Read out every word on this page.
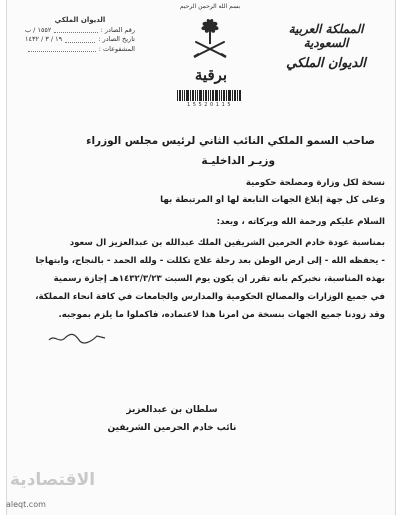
بسم الله الرحمن الرحيم
برقية
1 5 5 2 0 1 1 5
المملكة العربية السعودية
الديوان الملكي
الديوان الملكي
رقم الصادر :
١٥٥٢ / ب
تاريخ الصادر :
١٩ / ٣ / ١٤٣٢
المشفوعات :
صاحب السمو الملكي النائب الثاني لرئيس مجلس الوزراء
وزيـر الداخليـة
نسخة لكل وزارة ومصلحة حكومية
وعلى كل جهة إبلاغ الجهات التابعة لها أو المرتبطة بها
السلام عليكم ورحمة الله وبركاته ، وبعد:
بمناسبة عودة خادم الحرمين الشريفين الملك عبدالله بن عبدالعزيز آل سعود
- يحفظه الله - إلى أرض الوطن بعد رحلة علاج تكللت - ولله الحمد - بالنجاح، وابتهاجاً
بهذه المناسبة، نخبركم بأنه تقرر أن يكون يوم السبت ١٤٣٢/٣/٢٣هـ إجازة رسمية
في جميع الوزارات والمصالح الحكومية والمدارس والجامعات في كافة أنحاء المملكة،
وقد زودنا جميع الجهات بنسخة من أمرنا هذا لاعتماده، فأكملوا ما يلزم بموجبه.
سلطان بن عبدالعزيز
نائب خادم الحرمين الشريفين
الاقتصادية
aleqt.com
